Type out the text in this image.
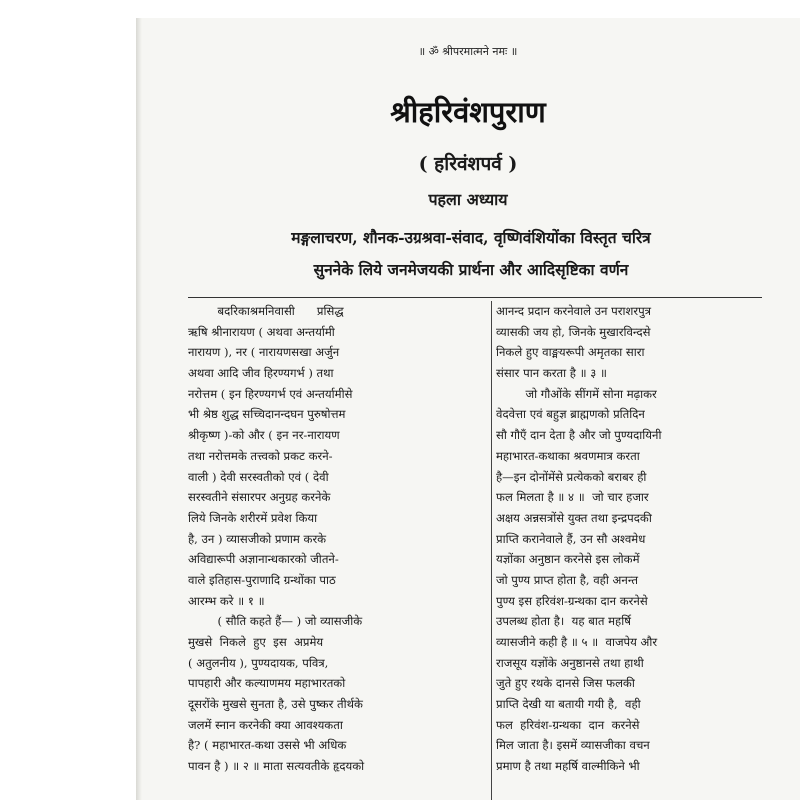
॥ ॐ श्रीपरमात्मने नमः ॥
श्रीहरिवंशपुराण
( हरिवंशपर्व )
पहला अध्याय
मङ्गलाचरण, शौनक-उग्रश्रवा-संवाद, वृष्णिवंशियोंका विस्तृत चरित्र
सुननेके लिये जनमेजयकी प्रार्थना और आदिसृष्टिका वर्णन
बदरिकाश्रमनिवासी      प्रसिद्ध
ऋषि श्रीनारायण ( अथवा अन्तर्यामी
नारायण ), नर ( नारायणसखा अर्जुन
अथवा आदि जीव हिरण्यगर्भ ) तथा
नरोत्तम ( इन हिरण्यगर्भ एवं अन्तर्यामीसे
भी श्रेष्ठ शुद्ध सच्चिदानन्दघन पुरुषोत्तम
श्रीकृष्ण )-को और ( इन नर-नारायण
तथा नरोत्तमके तत्त्वको प्रकट करने-
वाली ) देवी सरस्वतीको एवं ( देवी
सरस्वतीने संसारपर अनुग्रह करनेके
लिये जिनके शरीरमें प्रवेश किया
है, उन ) व्यासजीको प्रणाम करके
अविद्यारूपी अज्ञानान्धकारको जीतने-
वाले इतिहास-पुराणादि ग्रन्थोंका पाठ
आरम्भ करे ॥ १ ॥
( सौति कहते हैं— ) जो व्यासजीके
मुखसे  निकले  हुए  इस  अप्रमेय
( अतुलनीय ), पुण्यदायक, पवित्र,
पापहारी और कल्याणमय महाभारतको
दूसरोंके मुखसे सुनता है, उसे पुष्कर तीर्थके
जलमें स्नान करनेकी क्या आवश्यकता
है? ( महाभारत-कथा उससे भी अधिक
पावन है ) ॥ २ ॥ माता सत्यवतीके हृदयको
आनन्द प्रदान करनेवाले उन पराशरपुत्र
व्यासकी जय हो, जिनके मुखारविन्दसे
निकले हुए वाङ्मयरूपी अमृतका सारा
संसार पान करता है ॥ ३ ॥
जो गौओंके सींगमें सोना मढ़ाकर
वेदवेत्ता एवं बहुज्ञ ब्राह्मणको प्रतिदिन
सौ गौएँ दान देता है और जो पुण्यदायिनी
महाभारत-कथाका श्रवणमात्र करता
है—इन दोनोंमेंसे प्रत्येकको बराबर ही
फल मिलता है ॥ ४ ॥  जो चार हजार
अक्षय अन्नसत्रोंसे युक्त तथा इन्द्रपदकी
प्राप्ति करानेवाले हैं, उन सौ अश्वमेध
यज्ञोंका अनुष्ठान करनेसे इस लोकमें
जो पुण्य प्राप्त होता है, वही अनन्त
पुण्य इस हरिवंश-ग्रन्थका दान करनेसे
उपलब्ध होता है।  यह बात महर्षि
व्यासजीने कही है ॥ ५ ॥  वाजपेय और
राजसूय यज्ञोंके अनुष्ठानसे तथा हाथी
जुते हुए रथके दानसे जिस फलकी
प्राप्ति देखी या बतायी गयी है,  वही
फल  हरिवंश-ग्रन्थका  दान  करनेसे
मिल जाता है। इसमें व्यासजीका वचन
प्रमाण है तथा महर्षि वाल्मीकिने भी
